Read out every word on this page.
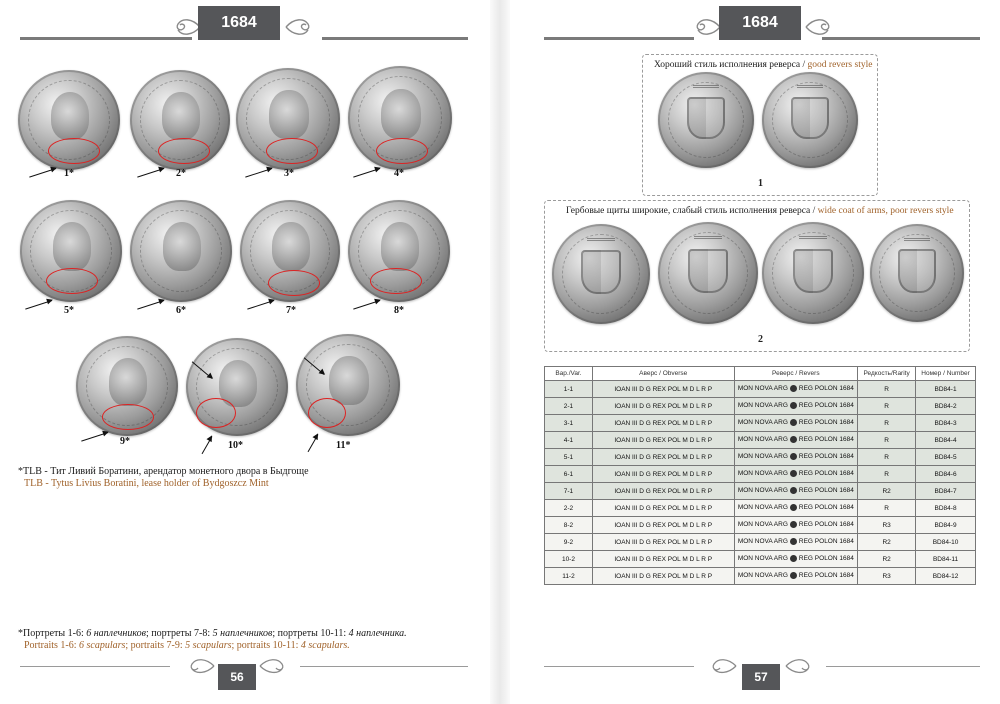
1684
1*	2*	3*	4*
5*	6*	7*	8*
9*	10*	11*
*TLB - Тит Ливий Боратини, арендатор монетного двора в Быдгоще
TLB - Tytus Livius Boratini, lease holder of Bydgoszcz Mint
*Портреты 1-6: 6 наплечников; портреты 7-8: 5 наплечников; портреты 10-11: 4 наплечника.
Portraits 1-6: 6 scapulars; portraits 7-9: 5 scapulars; portraits 10-11: 4 scapulars.
56
1684
Хороший стиль исполнения реверса / good revers style
1
Гербовые щиты широкие, слабый стиль исполнения реверса / wide coat of arms, poor revers style
2
Вар./Var.	Аверс / Obverse	Реверс / Revers	Редкость/Rarity	Номер / Number
1-1	IOAN III D G REX POL M D L R P	MON NOVA ARG REG POLON 1684	R	BD84-1
2-1	IOAN III D G REX POL M D L R P	MON NOVA ARG REG POLON 1684	R	BD84-2
3-1	IOAN III D G REX POL M D L R P	MON NOVA ARG REG POLON 1684	R	BD84-3
4-1	IOAN III D G REX POL M D L R P	MON NOVA ARG REG POLON 1684	R	BD84-4
5-1	IOAN III D G REX POL M D L R P	MON NOVA ARG REG POLON 1684	R	BD84-5
6-1	IOAN III D G REX POL M D L R P	MON NOVA ARG REG POLON 1684	R	BD84-6
7-1	IOAN III D G REX POL M D L R P	MON NOVA ARG REG POLON 1684	R2	BD84-7
2-2	IOAN III D G REX POL M D L R P	MON NOVA ARG REG POLON 1684	R	BD84-8
8-2	IOAN III D G REX POL M D L R P	MON NOVA ARG REG POLON 1684	R3	BD84-9
9-2	IOAN III D G REX POL M D L R P	MON NOVA ARG REG POLON 1684	R2	BD84-10
10-2	IOAN III D G REX POL M D L R P	MON NOVA ARG REG POLON 1684	R2	BD84-11
11-2	IOAN III D G REX POL M D L R P	MON NOVA ARG REG POLON 1684	R3	BD84-12
57
